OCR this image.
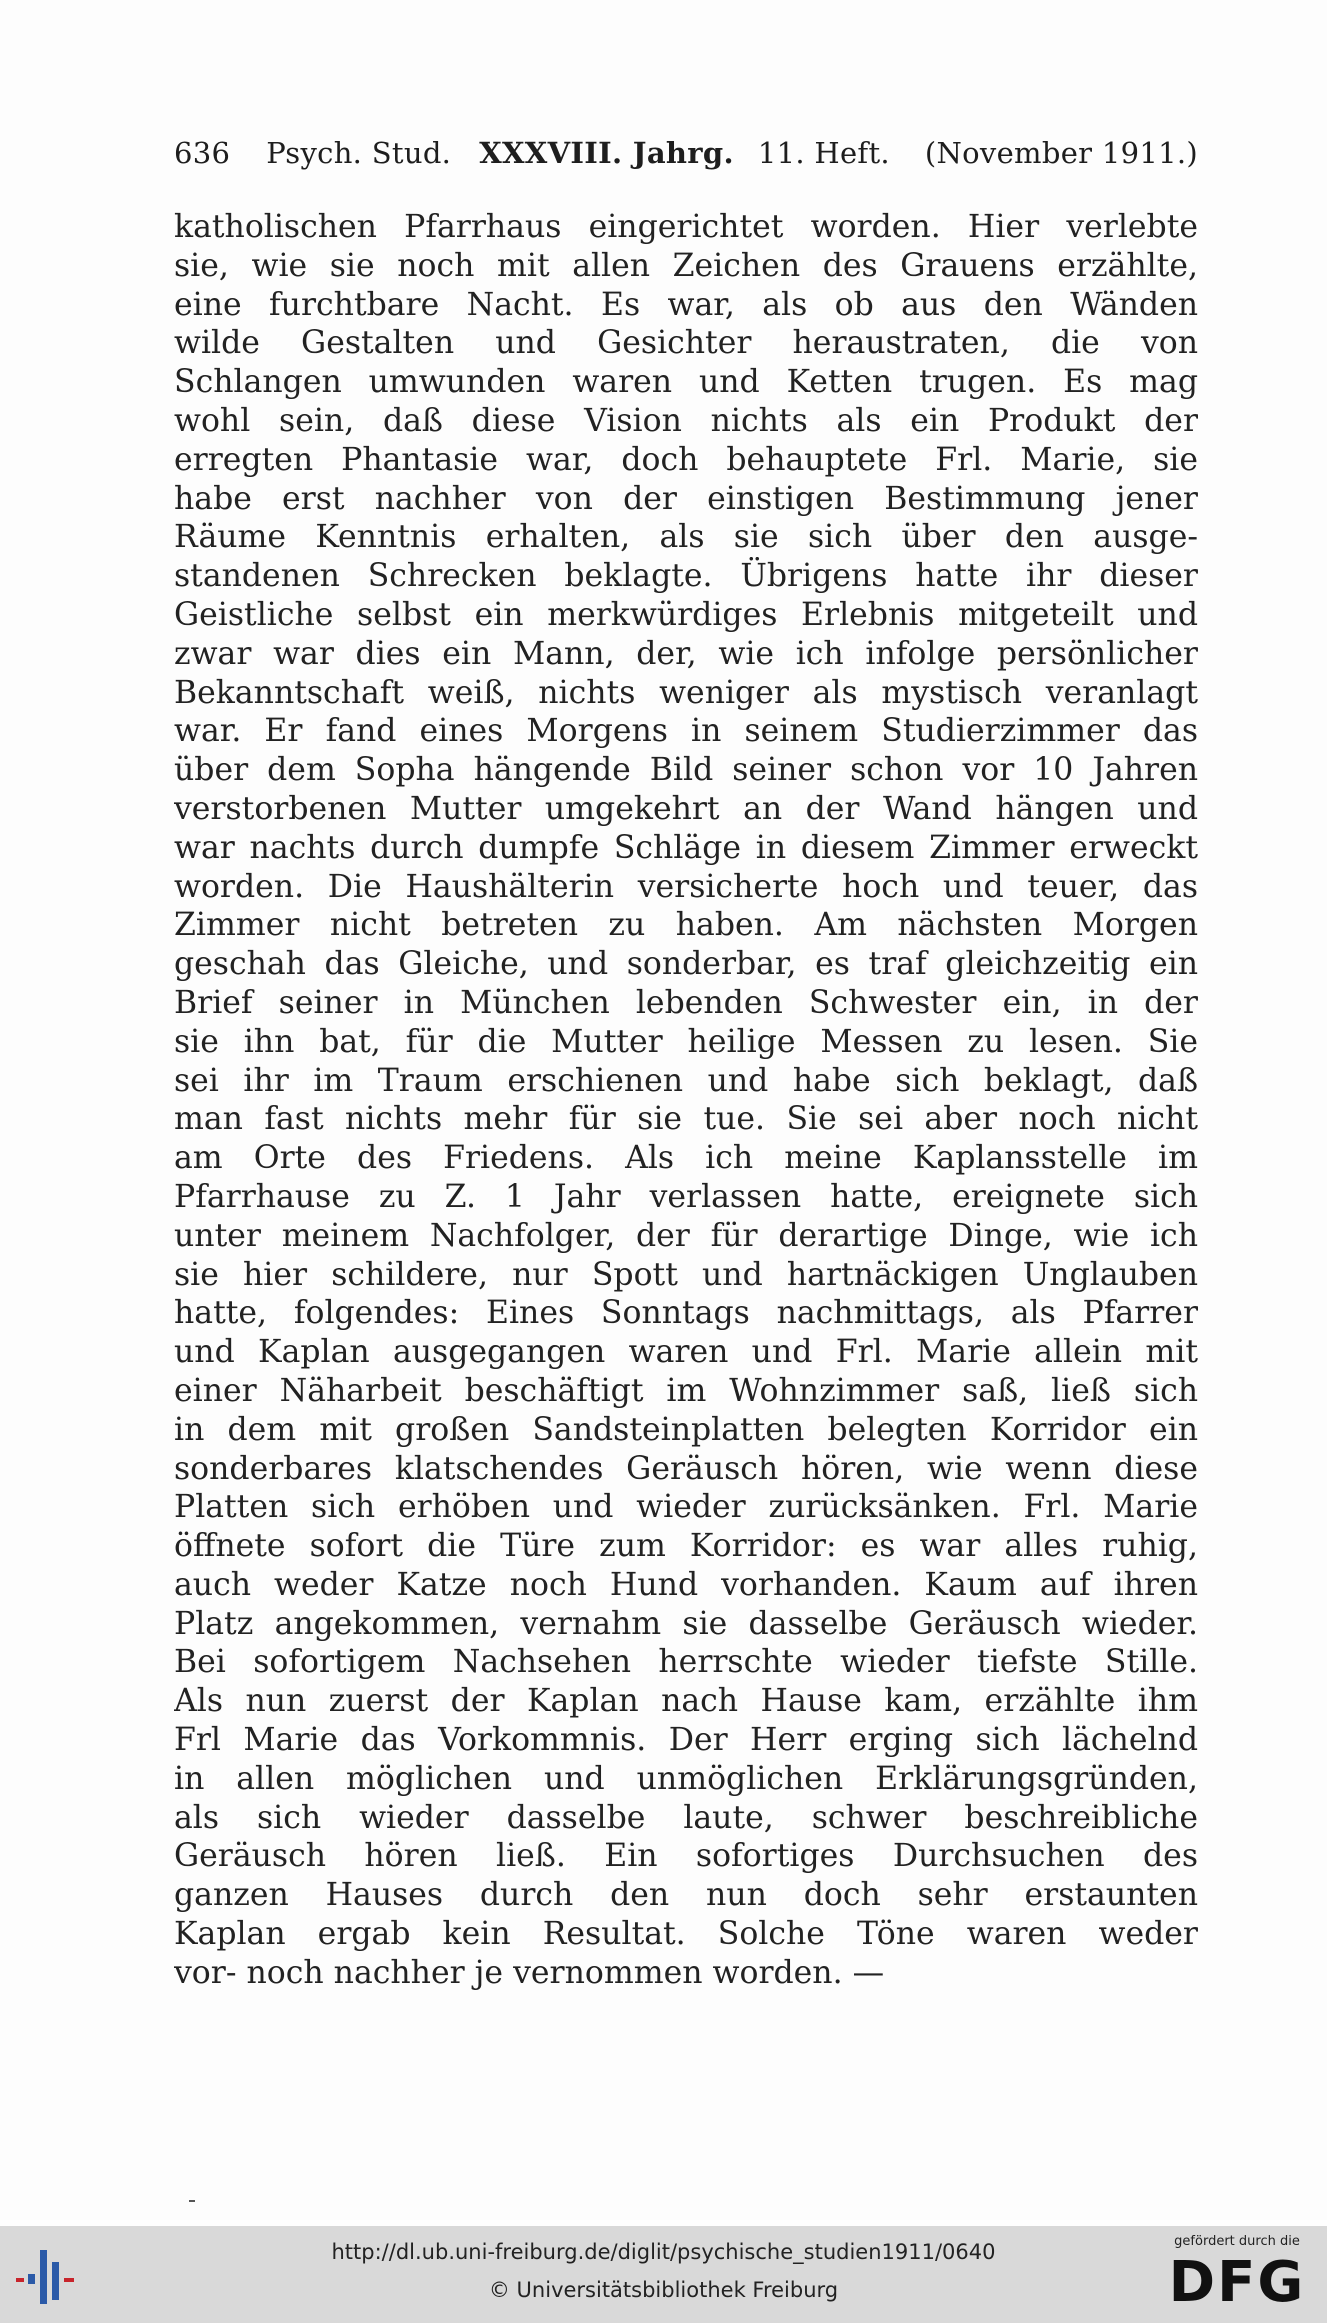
636 Psych. Stud. XXXVIII. Jahrg. 11. Heft. (November 1911.)
katholischen Pfarrhaus eingerichtet worden. Hier verlebte
sie, wie sie noch mit allen Zeichen des Grauens erzählte,
eine furchtbare Nacht. Es war, als ob aus den Wänden
wilde Gestalten und Gesichter heraustraten, die von
Schlangen umwunden waren und Ketten trugen. Es mag
wohl sein, daß diese Vision nichts als ein Produkt der
erregten Phantasie war, doch behauptete Frl. Marie, sie
habe erst nachher von der einstigen Bestimmung jener
Räume Kenntnis erhalten, als sie sich über den ausge-
standenen Schrecken beklagte. Übrigens hatte ihr dieser
Geistliche selbst ein merkwürdiges Erlebnis mitgeteilt und
zwar war dies ein Mann, der, wie ich infolge persönlicher
Bekanntschaft weiß, nichts weniger als mystisch veranlagt
war. Er fand eines Morgens in seinem Studierzimmer das
über dem Sopha hängende Bild seiner schon vor 10 Jahren
verstorbenen Mutter umgekehrt an der Wand hängen und
war nachts durch dumpfe Schläge in diesem Zimmer erweckt
worden. Die Haushälterin versicherte hoch und teuer, das
Zimmer nicht betreten zu haben. Am nächsten Morgen
geschah das Gleiche, und sonderbar, es traf gleichzeitig ein
Brief seiner in München lebenden Schwester ein, in der
sie ihn bat, für die Mutter heilige Messen zu lesen. Sie
sei ihr im Traum erschienen und habe sich beklagt, daß
man fast nichts mehr für sie tue. Sie sei aber noch nicht
am Orte des Friedens. Als ich meine Kaplansstelle im
Pfarrhause zu Z. 1 Jahr verlassen hatte, ereignete sich
unter meinem Nachfolger, der für derartige Dinge, wie ich
sie hier schildere, nur Spott und hartnäckigen Unglauben
hatte, folgendes: Eines Sonntags nachmittags, als Pfarrer
und Kaplan ausgegangen waren und Frl. Marie allein mit
einer Näharbeit beschäftigt im Wohnzimmer saß, ließ sich
in dem mit großen Sandsteinplatten belegten Korridor ein
sonderbares klatschendes Geräusch hören, wie wenn diese
Platten sich erhöben und wieder zurücksänken. Frl. Marie
öffnete sofort die Türe zum Korridor: es war alles ruhig,
auch weder Katze noch Hund vorhanden. Kaum auf ihren
Platz angekommen, vernahm sie dasselbe Geräusch wieder.
Bei sofortigem Nachsehen herrschte wieder tiefste Stille.
Als nun zuerst der Kaplan nach Hause kam, erzählte ihm
Frl Marie das Vorkommnis. Der Herr erging sich lächelnd
in allen möglichen und unmöglichen Erklärungsgründen,
als sich wieder dasselbe laute, schwer beschreibliche
Geräusch hören ließ. Ein sofortiges Durchsuchen des
ganzen Hauses durch den nun doch sehr erstaunten
Kaplan ergab kein Resultat. Solche Töne waren weder
vor- noch nachher je vernommen worden. —
http://dl.ub.uni-freiburg.de/diglit/psychische_studien1911/0640
© Universitätsbibliothek Freiburg
gefördert durch die
DFG
